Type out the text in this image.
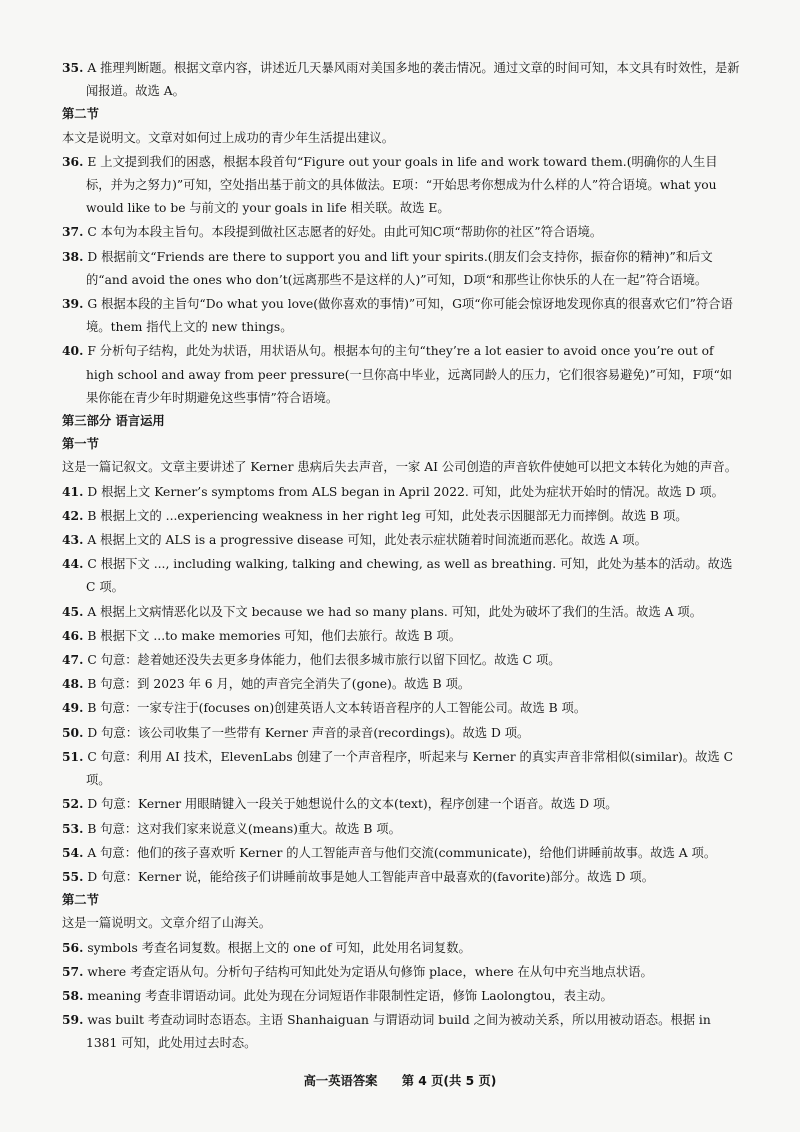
35. A 推理判断题。根据文章内容，讲述近几天暴风雨对美国多地的袭击情况。通过文章的时间可知，本文具有时效性，是新闻报道。故选 A。
第二节
本文是说明文。文章对如何过上成功的青少年生活提出建议。
36. E 上文提到我们的困惑，根据本段首句“Figure out your goals in life and work toward them.(明确你的人生目标，并为之努力)”可知，空处指出基于前文的具体做法。E项：“开始思考你想成为什么样的人”符合语境。what you would like to be 与前文的 your goals in life 相关联。故选 E。
37. C 本句为本段主旨句。本段提到做社区志愿者的好处。由此可知C项“帮助你的社区”符合语境。
38. D 根据前文“Friends are there to support you and lift your spirits.(朋友们会支持你，振奋你的精神)”和后文的“and avoid the ones who don’t(远离那些不是这样的人)”可知，D项“和那些让你快乐的人在一起”符合语境。
39. G 根据本段的主旨句“Do what you love(做你喜欢的事情)”可知，G项“你可能会惊讶地发现你真的很喜欢它们”符合语境。them 指代上文的 new things。
40. F 分析句子结构，此处为状语，用状语从句。根据本句的主句“they’re a lot easier to avoid once you’re out of high school and away from peer pressure(一旦你高中毕业，远离同龄人的压力，它们很容易避免)”可知，F项“如果你能在青少年时期避免这些事情”符合语境。
第三部分 语言运用
第一节
这是一篇记叙文。文章主要讲述了 Kerner 患病后失去声音，一家 AI 公司创造的声音软件使她可以把文本转化为她的声音。
41. D 根据上文 Kerner’s symptoms from ALS began in April 2022. 可知，此处为症状开始时的情况。故选 D 项。
42. B 根据上文的 ...experiencing weakness in her right leg 可知，此处表示因腿部无力而摔倒。故选 B 项。
43. A 根据上文的 ALS is a progressive disease 可知，此处表示症状随着时间流逝而恶化。故选 A 项。
44. C 根据下文 ..., including walking, talking and chewing, as well as breathing. 可知，此处为基本的活动。故选 C 项。
45. A 根据上文病情恶化以及下文 because we had so many plans. 可知，此处为破坏了我们的生活。故选 A 项。
46. B 根据下文 ...to make memories 可知，他们去旅行。故选 B 项。
47. C 句意：趁着她还没失去更多身体能力，他们去很多城市旅行以留下回忆。故选 C 项。
48. B 句意：到 2023 年 6 月，她的声音完全消失了(gone)。故选 B 项。
49. B 句意：一家专注于(focuses on)创建英语人文本转语音程序的人工智能公司。故选 B 项。
50. D 句意：该公司收集了一些带有 Kerner 声音的录音(recordings)。故选 D 项。
51. C 句意：利用 AI 技术，ElevenLabs 创建了一个声音程序，听起来与 Kerner 的真实声音非常相似(similar)。故选 C 项。
52. D 句意：Kerner 用眼睛键入一段关于她想说什么的文本(text)，程序创建一个语音。故选 D 项。
53. B 句意：这对我们家来说意义(means)重大。故选 B 项。
54. A 句意：他们的孩子喜欢听 Kerner 的人工智能声音与他们交流(communicate)，给他们讲睡前故事。故选 A 项。
55. D 句意：Kerner 说，能给孩子们讲睡前故事是她人工智能声音中最喜欢的(favorite)部分。故选 D 项。
第二节
这是一篇说明文。文章介绍了山海关。
56. symbols 考查名词复数。根据上文的 one of 可知，此处用名词复数。
57. where 考查定语从句。分析句子结构可知此处为定语从句修饰 place，where 在从句中充当地点状语。
58. meaning 考查非谓语动词。此处为现在分词短语作非限制性定语，修饰 Laolongtou，表主动。
59. was built 考查动词时态语态。主语 Shanhaiguan 与谓语动词 build 之间为被动关系，所以用被动语态。根据 in 1381 可知，此处用过去时态。
高一英语答案 第 4 页(共 5 页)
